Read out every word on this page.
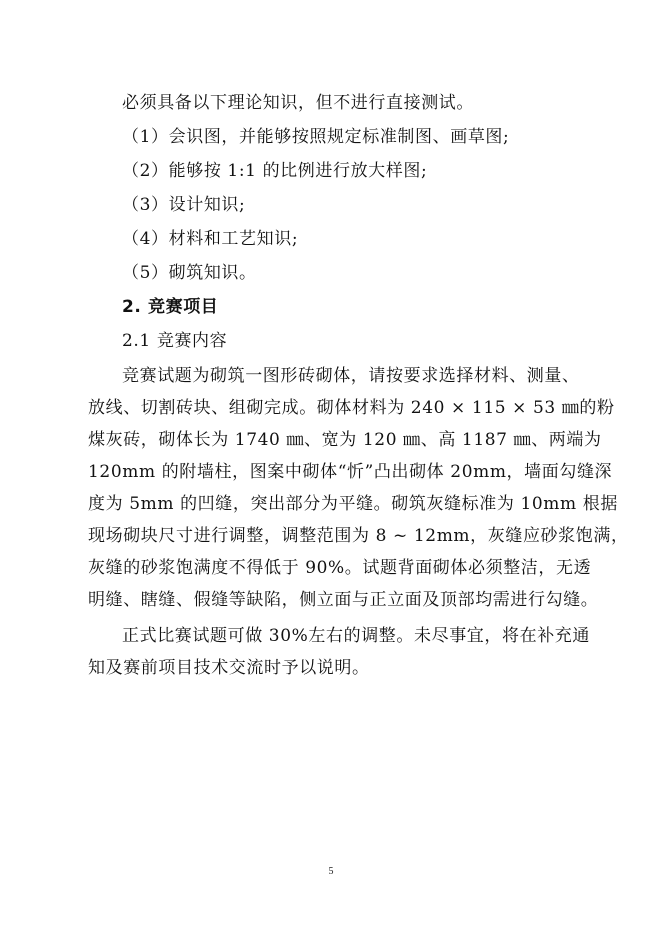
必须具备以下理论知识，但不进行直接测试。
（1）会识图，并能够按照规定标准制图、画草图;
（2）能够按 1:1 的比例进行放大样图;
（3）设计知识;
（4）材料和工艺知识;
（5）砌筑知识。
2. 竞赛项目
2.1 竞赛内容
竞赛试题为砌筑一图形砖砌体，请按要求选择材料、测量、
放线、切割砖块、组砌完成。砌体材料为 240 × 115 × 53 ㎜的粉
煤灰砖，砌体长为 1740 ㎜、宽为 120 ㎜、高 1187 ㎜、两端为
120mm 的附墙柱，图案中砌体“忻”凸出砌体 20mm，墙面勾缝深
度为 5mm 的凹缝，突出部分为平缝。砌筑灰缝标准为 10mm 根据
现场砌块尺寸进行调整，调整范围为 8 ~ 12mm，灰缝应砂浆饱满，
灰缝的砂浆饱满度不得低于 90%。试题背面砌体必须整洁，无透
明缝、瞎缝、假缝等缺陷，侧立面与正立面及顶部均需进行勾缝。
正式比赛试题可做 30%左右的调整。未尽事宜，将在补充通
知及赛前项目技术交流时予以说明。
5
